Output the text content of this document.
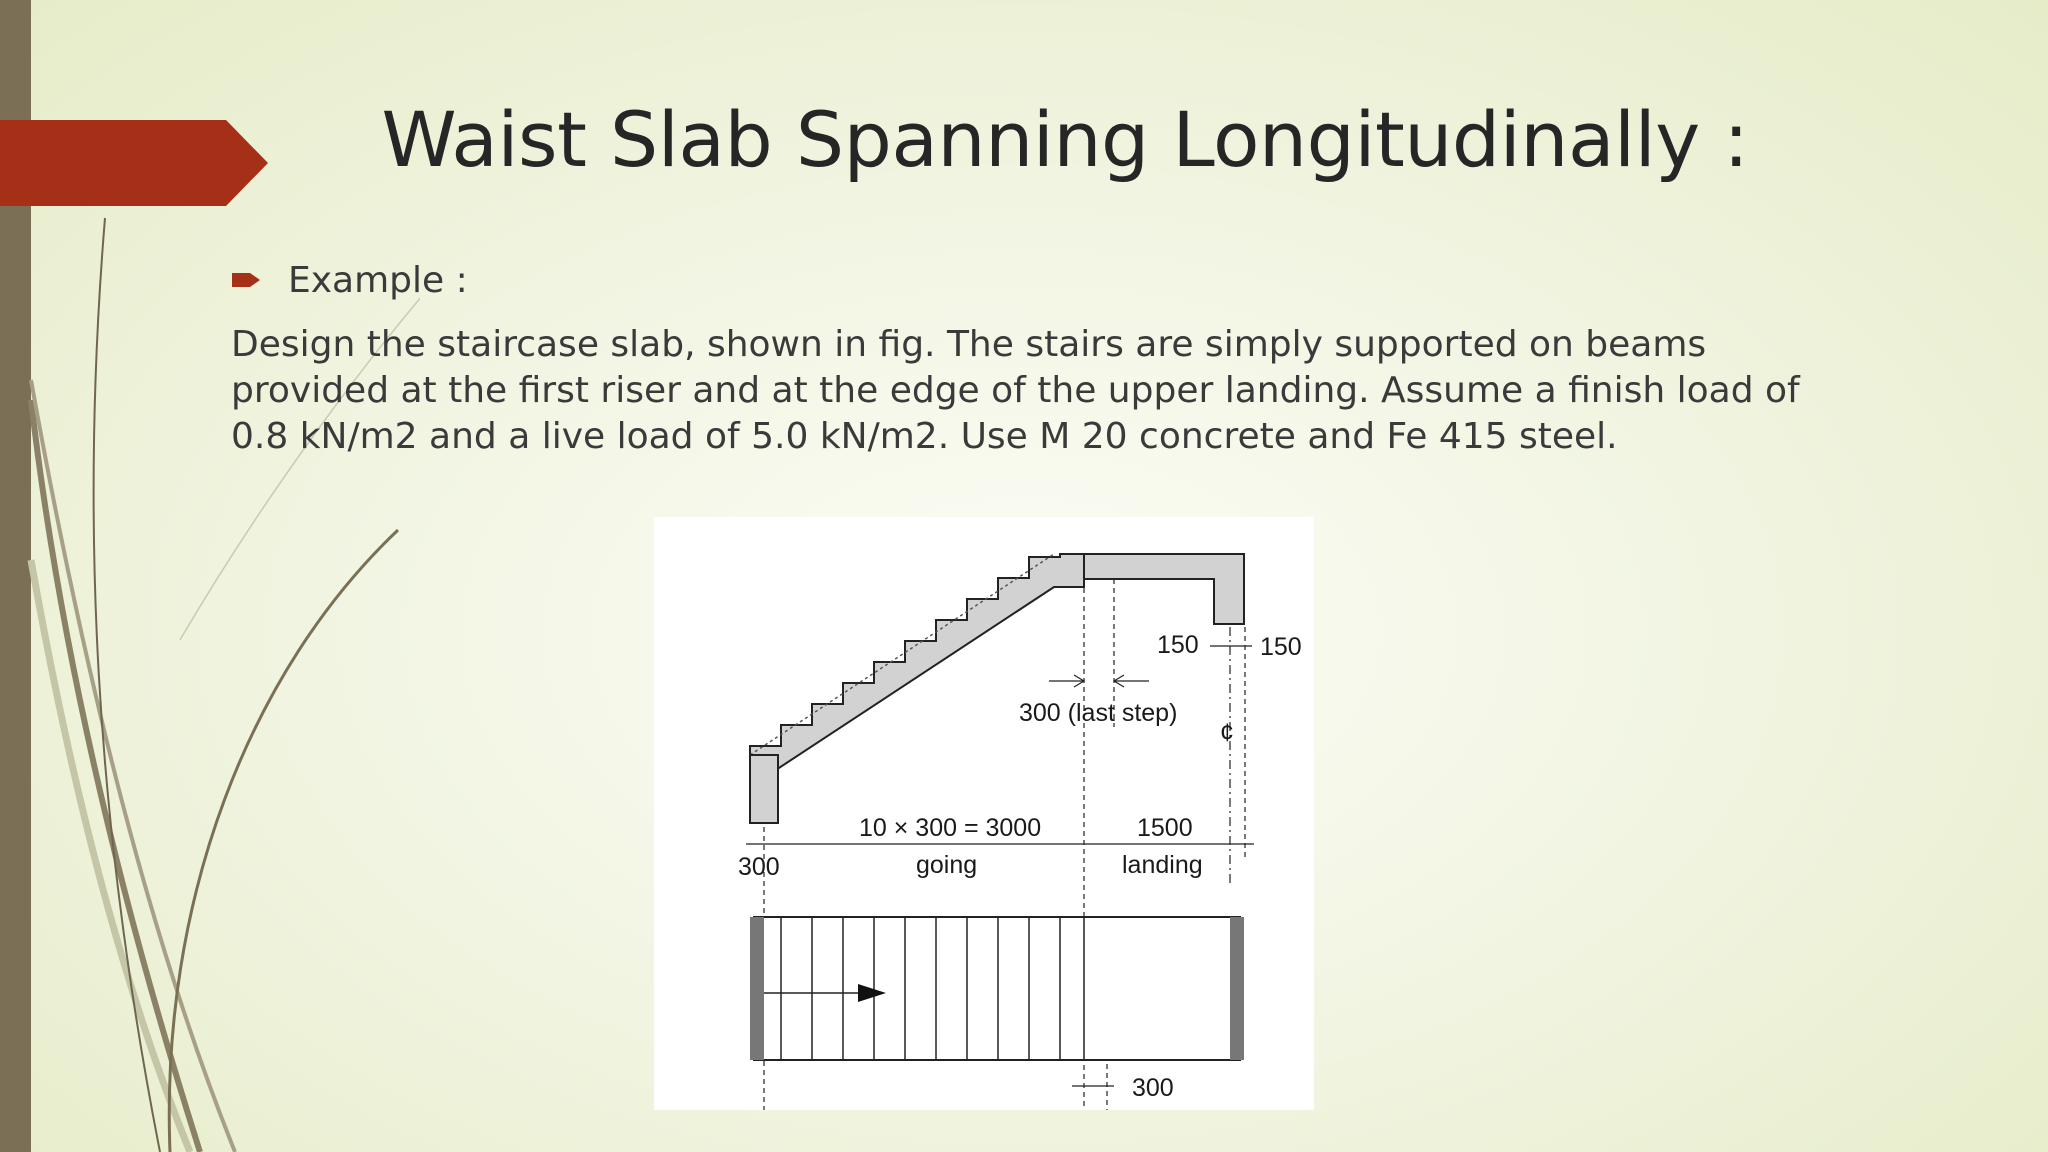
Waist Slab Spanning Longitudinally :
Example :

Design the staircase slab, shown in fig. The stairs are simply supported on beams
provided at the first riser and at the edge of the upper landing. Assume a finish load of
0.8 kN/m2 and a live load of 5.0 kN/m2. Use M 20 concrete and Fe 415 steel.

150 150
300 (last step)
¢
10 × 300 = 3000	1500
300	going	landing
300
